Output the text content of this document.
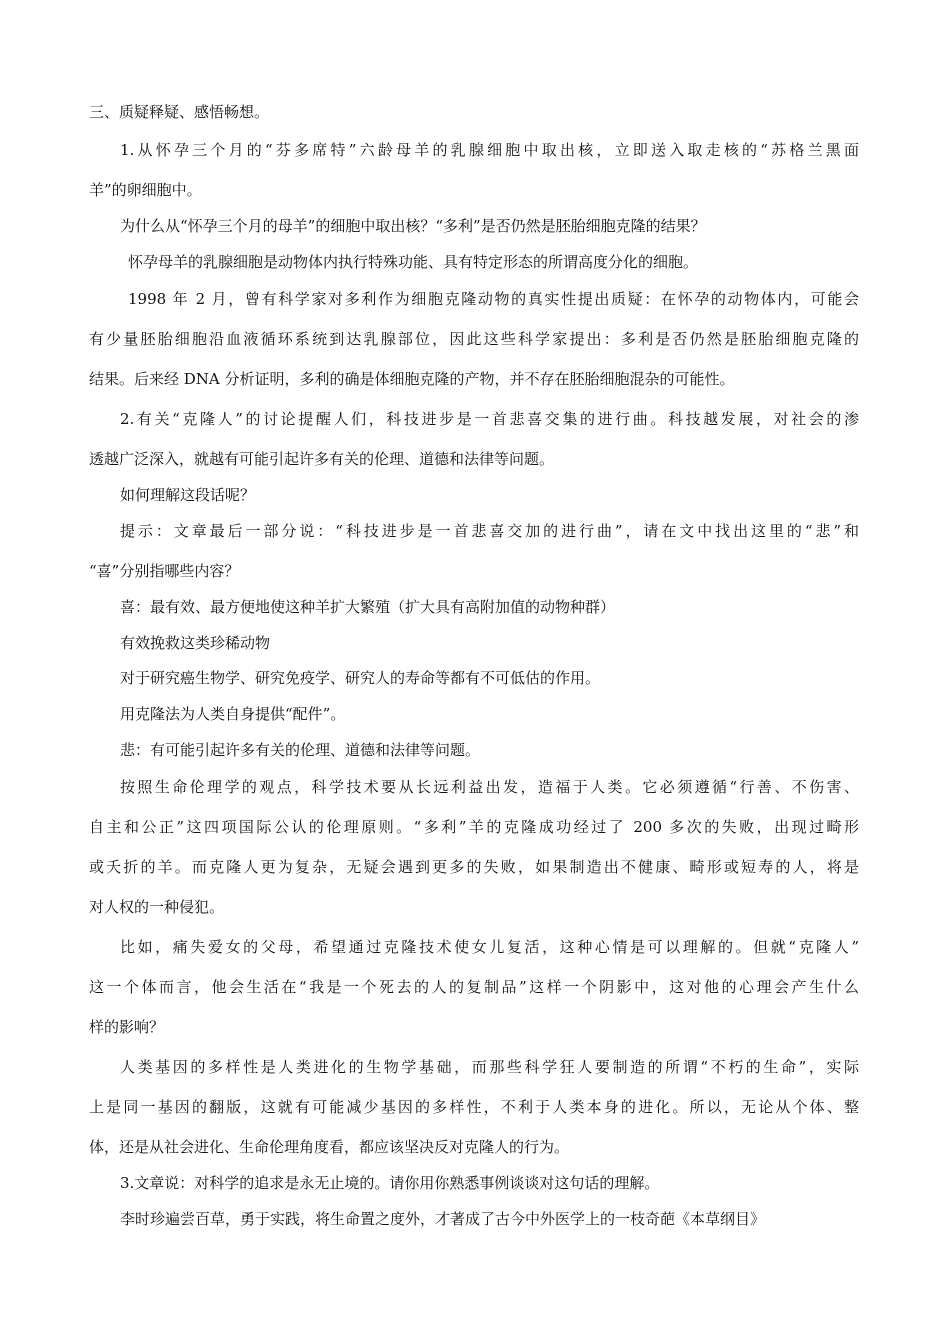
三、质疑释疑、感悟畅想。
1.从怀孕三个月的“芬多席特”六龄母羊的乳腺细胞中取出核，立即送入取走核的“苏格兰黑面
羊”的卵细胞中。
为什么从“怀孕三个月的母羊”的细胞中取出核？“多利”是否仍然是胚胎细胞克隆的结果？
怀孕母羊的乳腺细胞是动物体内执行特殊功能、具有特定形态的所谓高度分化的细胞。
1998 年 2 月，曾有科学家对多利作为细胞克隆动物的真实性提出质疑：在怀孕的动物体内，可能会
有少量胚胎细胞沿血液循环系统到达乳腺部位，因此这些科学家提出：多利是否仍然是胚胎细胞克隆的
结果。后来经 DNA 分析证明，多利的确是体细胞克隆的产物，并不存在胚胎细胞混杂的可能性。
2.有关“克隆人”的讨论提醒人们，科技进步是一首悲喜交集的进行曲。科技越发展，对社会的渗
透越广泛深入，就越有可能引起许多有关的伦理、道德和法律等问题。
如何理解这段话呢？
提示：文章最后一部分说：“科技进步是一首悲喜交加的进行曲”，请在文中找出这里的“悲”和
“喜”分别指哪些内容？
喜：最有效、最方便地使这种羊扩大繁殖（扩大具有高附加值的动物种群）
有效挽救这类珍稀动物
对于研究癌生物学、研究免疫学、研究人的寿命等都有不可低估的作用。
用克隆法为人类自身提供“配件”。
悲：有可能引起许多有关的伦理、道德和法律等问题。
按照生命伦理学的观点，科学技术要从长远利益出发，造福于人类。它必须遵循“行善、不伤害、
自主和公正”这四项国际公认的伦理原则。“多利”羊的克隆成功经过了 200 多次的失败，出现过畸形
或夭折的羊。而克隆人更为复杂，无疑会遇到更多的失败，如果制造出不健康、畸形或短寿的人，将是
对人权的一种侵犯。
比如，痛失爱女的父母，希望通过克隆技术使女儿复活，这种心情是可以理解的。但就“克隆人”
这一个体而言，他会生活在“我是一个死去的人的复制品”这样一个阴影中，这对他的心理会产生什么
样的影响？
人类基因的多样性是人类进化的生物学基础，而那些科学狂人要制造的所谓“不朽的生命”，实际
上是同一基因的翻版，这就有可能减少基因的多样性，不利于人类本身的进化。所以，无论从个体、整
体，还是从社会进化、生命伦理角度看，都应该坚决反对克隆人的行为。
3.文章说：对科学的追求是永无止境的。请你用你熟悉事例谈谈对这句话的理解。
李时珍遍尝百草，勇于实践，将生命置之度外，才著成了古今中外医学上的一枝奇葩《本草纲目》
